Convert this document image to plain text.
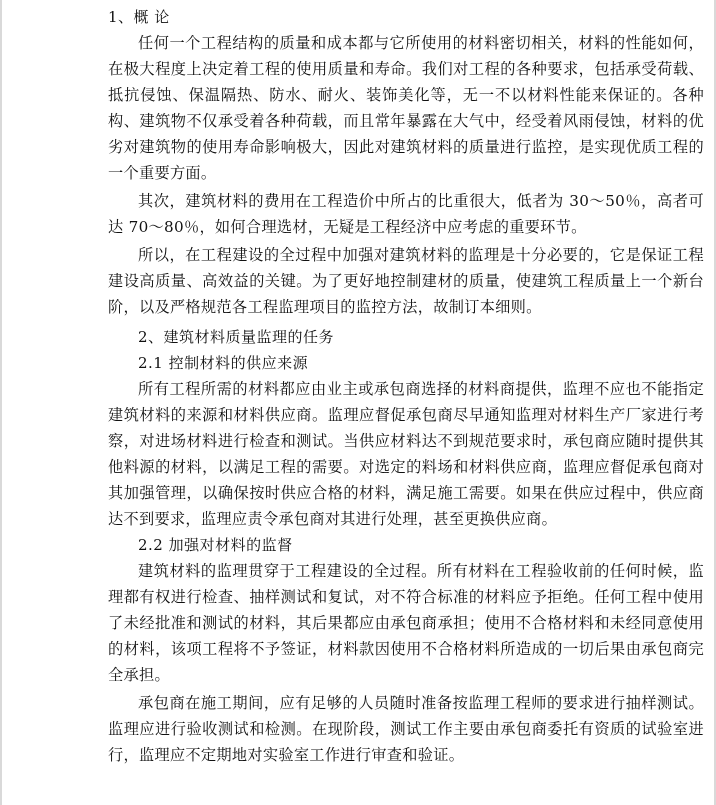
1、概 论

任何一个工程结构的质量和成本都与它所使用的材料密切相关，材料的性能如何，在极大程度上决定着工程的使用质量和寿命。我们对工程的各种要求，包括承受荷载、抵抗侵蚀、保温隔热、防水、耐火、装饰美化等，无一不以材料性能来保证的。各种构、建筑物不仅承受着各种荷载，而且常年暴露在大气中，经受着风雨侵蚀，材料的优劣对建筑物的使用寿命影响极大，因此对建筑材料的质量进行监控，是实现优质工程的一个重要方面。

其次，建筑材料的费用在工程造价中所占的比重很大，低者为 30～50％，高者可达 70～80％，如何合理选材，无疑是工程经济中应考虑的重要环节。

所以，在工程建设的全过程中加强对建筑材料的监理是十分必要的，它是保证工程建设高质量、高效益的关键。为了更好地控制建材的质量，使建筑工程质量上一个新台阶，以及严格规范各工程监理项目的监控方法，故制订本细则。

2、建筑材料质量监理的任务
2.1 控制材料的供应来源

所有工程所需的材料都应由业主或承包商选择的材料商提供，监理不应也不能指定建筑材料的来源和材料供应商。监理应督促承包商尽早通知监理对材料生产厂家进行考察，对进场材料进行检查和测试。当供应材料达不到规范要求时，承包商应随时提供其他料源的材料，以满足工程的需要。对选定的料场和材料供应商，监理应督促承包商对其加强管理，以确保按时供应合格的材料，满足施工需要。如果在供应过程中，供应商达不到要求，监理应责令承包商对其进行处理，甚至更换供应商。

2.2 加强对材料的监督

建筑材料的监理贯穿于工程建设的全过程。所有材料在工程验收前的任何时候，监理都有权进行检查、抽样测试和复试，对不符合标准的材料应予拒绝。任何工程中使用了未经批准和测试的材料，其后果都应由承包商承担；使用不合格材料和未经同意使用的材料，该项工程将不予签证，材料款因使用不合格材料所造成的一切后果由承包商完全承担。

承包商在施工期间，应有足够的人员随时准备按监理工程师的要求进行抽样测试。监理应进行验收测试和检测。在现阶段，测试工作主要由承包商委托有资质的试验室进行，监理应不定期地对实验室工作进行审查和验证。
